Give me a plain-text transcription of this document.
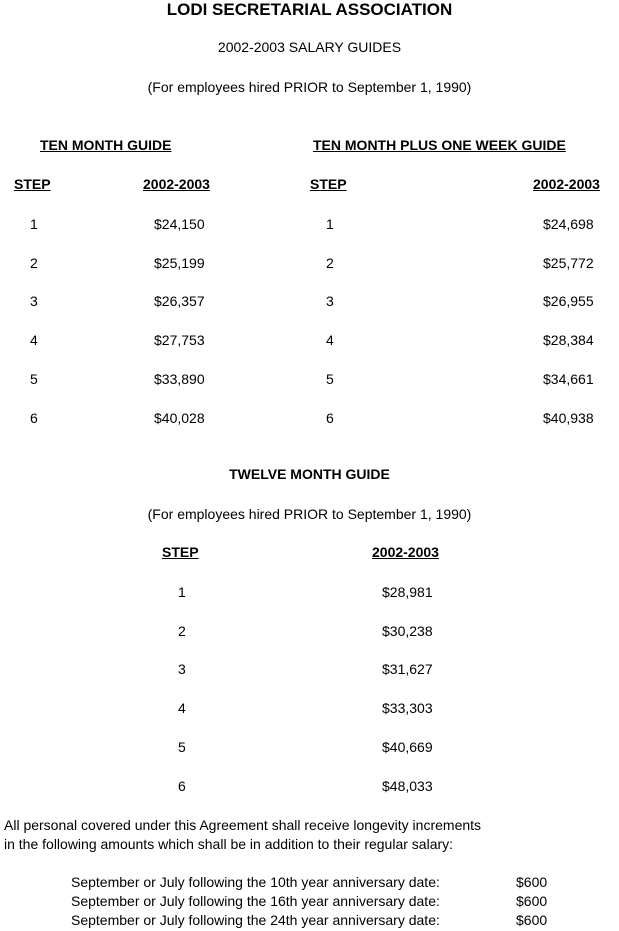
LODI SECRETARIAL ASSOCIATION
2002-2003 SALARY GUIDES
(For employees hired PRIOR to September 1, 1990)
TEN MONTH GUIDE
STEP	2002-2003
1	$24,150
2	$25,199
3	$26,357
4	$27,753
5	$33,890
6	$40,028
TEN MONTH PLUS ONE WEEK GUIDE
STEP	2002-2003
1	$24,698
2	$25,772
3	$26,955
4	$28,384
5	$34,661
6	$40,938
TWELVE MONTH GUIDE
(For employees hired PRIOR to September 1, 1990)
STEP	2002-2003
1	$28,981
2	$30,238
3	$31,627
4	$33,303
5	$40,669
6	$48,033
All personal covered under this Agreement shall receive longevity increments
in the following amounts which shall be in addition to their regular salary:
September or July following the 10th year anniversary date:	$600
September or July following the 16th year anniversary date:	$600
September or July following the 24th year anniversary date:	$600
